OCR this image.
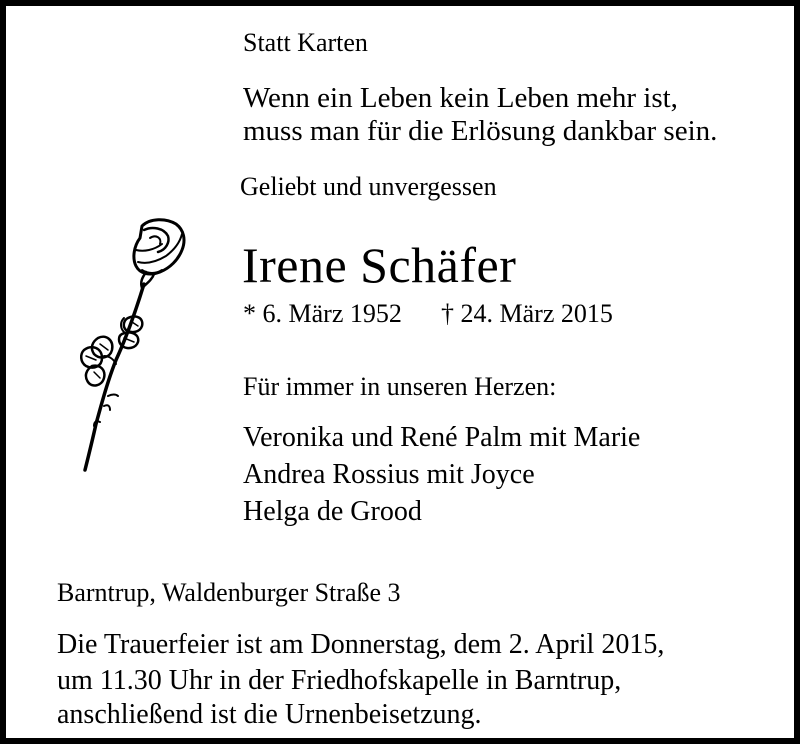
Statt Karten
Wenn ein Leben kein Leben mehr ist,
muss man für die Erlösung dankbar sein.
Geliebt und unvergessen
Irene Schäfer
* 6. März 1952 † 24. März 2015
Für immer in unseren Herzen:
Veronika und René Palm mit Marie
Andrea Rossius mit Joyce
Helga de Grood
Barntrup, Waldenburger Straße 3
Die Trauerfeier ist am Donnerstag, dem 2. April 2015,
um 11.30 Uhr in der Friedhofskapelle in Barntrup,
anschließend ist die Urnenbeisetzung.
